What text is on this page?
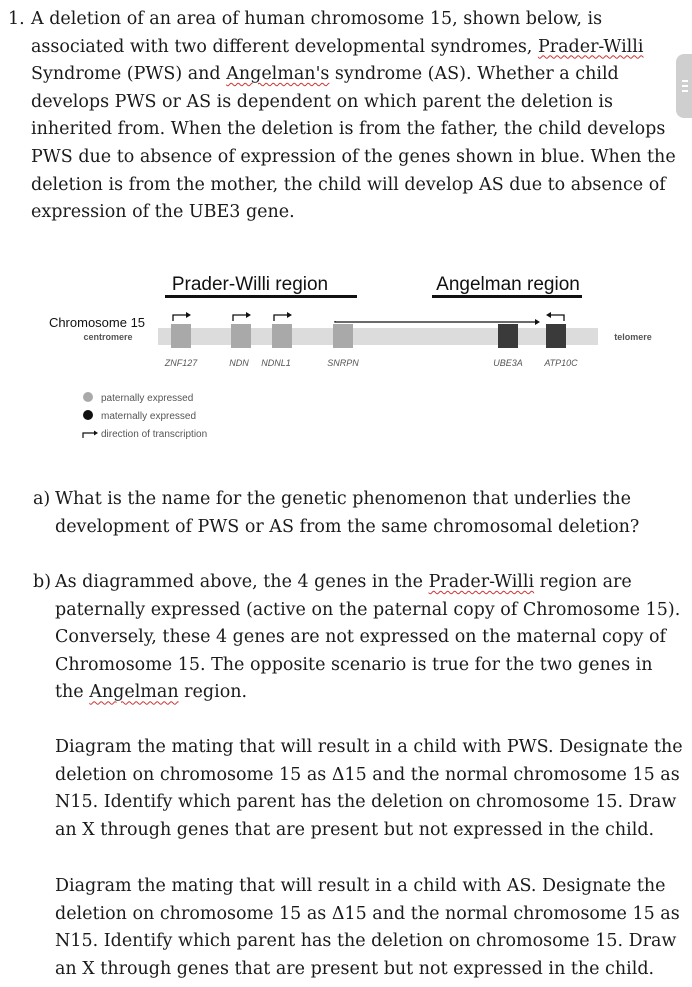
1. A deletion of an area of human chromosome 15, shown below, is associated with two different developmental syndromes, Prader-Willi Syndrome (PWS) and Angelman's syndrome (AS). Whether a child develops PWS or AS is dependent on which parent the deletion is inherited from. When the deletion is from the father, the child develops PWS due to absence of expression of the genes shown in blue. When the deletion is from the mother, the child will develop AS due to absence of expression of the UBE3 gene.
Prader-Willi region	Angelman region
Chromosome 15
centromere	telomere
ZNF127	NDN NDNL1	SNRPN	UBE3A ATP10C
paternally expressed
maternally expressed
direction of transcription
a) What is the name for the genetic phenomenon that underlies the development of PWS or AS from the same chromosomal deletion?
b) As diagrammed above, the 4 genes in the Prader-Willi region are paternally expressed (active on the paternal copy of Chromosome 15). Conversely, these 4 genes are not expressed on the maternal copy of Chromosome 15. The opposite scenario is true for the two genes in the Angelman region.
Diagram the mating that will result in a child with PWS. Designate the deletion on chromosome 15 as Δ15 and the normal chromosome 15 as N15. Identify which parent has the deletion on chromosome 15. Draw an X through genes that are present but not expressed in the child.
Diagram the mating that will result in a child with AS. Designate the deletion on chromosome 15 as Δ15 and the normal chromosome 15 as N15. Identify which parent has the deletion on chromosome 15. Draw an X through genes that are present but not expressed in the child.
